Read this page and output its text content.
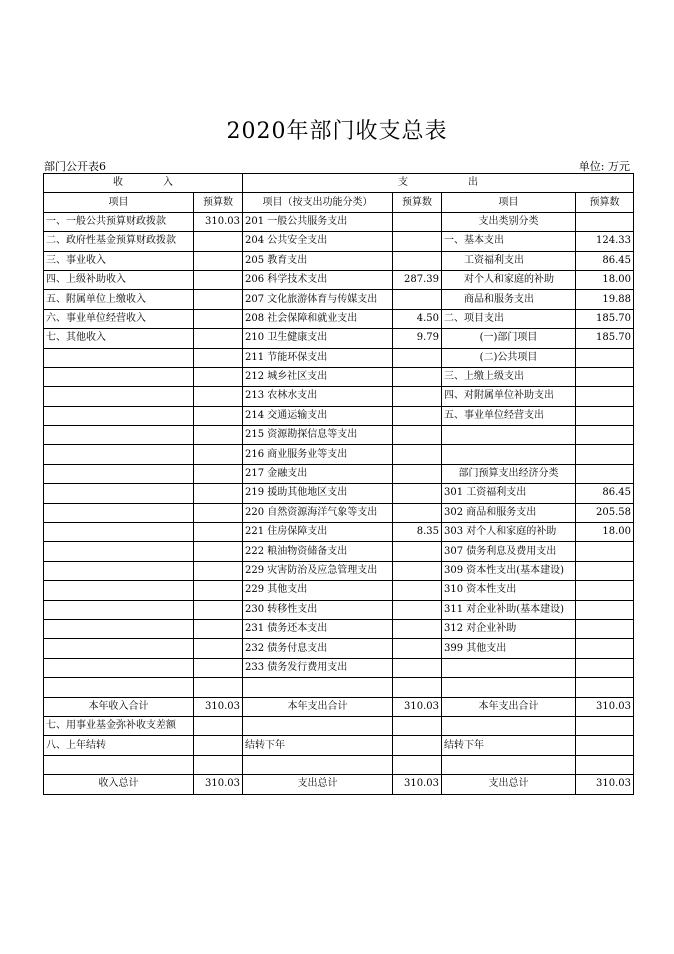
2020年部门收支总表
部门公开表6	单位: 万元
收　　　　入		支　　　　　　出			
项目	预算数	项目（按支出功能分类）	预算数	项目	预算数
一、一般公共预算财政拨款	310.03	201 一般公共服务支出		支出类别分类	
二、政府性基金预算财政拨款		204 公共安全支出		一、基本支出	124.33
三、事业收入		205 教育支出		工资福利支出	86.45
四、上级补助收入		206 科学技术支出	287.39	对个人和家庭的补助	18.00
五、附属单位上缴收入		207 文化旅游体育与传媒支出		商品和服务支出	19.88
六、事业单位经营收入		208 社会保障和就业支出	4.50	二、项目支出	185.70
七、其他收入		210 卫生健康支出	9.79	(一)部门项目	185.70
		211 节能环保支出		(二)公共项目	
		212 城乡社区支出		三、上缴上级支出	
		213 农林水支出		四、对附属单位补助支出	
		214 交通运输支出		五、事业单位经营支出	
		215 资源勘探信息等支出			
		216 商业服务业等支出			
		217 金融支出		部门预算支出经济分类	
		219 援助其他地区支出		301 工资福利支出	86.45
		220 自然资源海洋气象等支出		302 商品和服务支出	205.58
		221 住房保障支出	8.35	303 对个人和家庭的补助	18.00
		222 粮油物资储备支出		307 债务利息及费用支出	
		229 灾害防治及应急管理支出		309 资本性支出(基本建设)	
		229 其他支出		310 资本性支出	
		230 转移性支出		311 对企业补助(基本建设)	
		231 债务还本支出		312 对企业补助	
		232 债务付息支出		399 其他支出	
		233 债务发行费用支出			

本年收入合计	310.03	本年支出合计	310.03	本年支出合计	310.03
七、用事业基金弥补收支差额					
八、上年结转		结转下年		结转下年	

收入总计	310.03	支出总计	310.03	支出总计	310.03
